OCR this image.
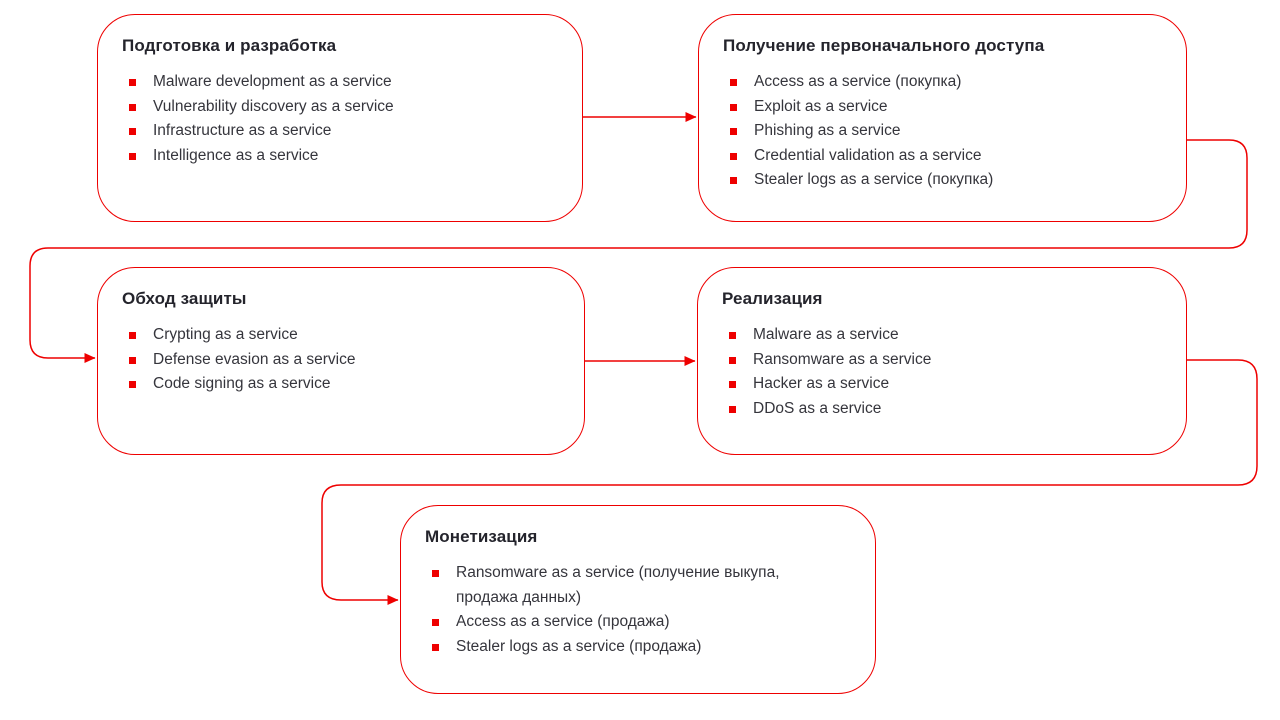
Подготовка и разработка
Malware development as a service
Vulnerability discovery as a service
Infrastructure as a service
Intelligence as a service
Получение первоначального доступа
Access as a service (покупка)
Exploit as a service
Phishing as a service
Credential validation as a service
Stealer logs as a service (покупка)
Обход защиты
Crypting as a service
Defense evasion as a service
Code signing as a service
Реализация
Malware as a service
Ransomware as a service
Hacker as a service
DDoS as a service
Монетизация
Ransomware as a service (получение выкупа, продажа данных)
Access as a service (продажа)
Stealer logs as a service (продажа)
